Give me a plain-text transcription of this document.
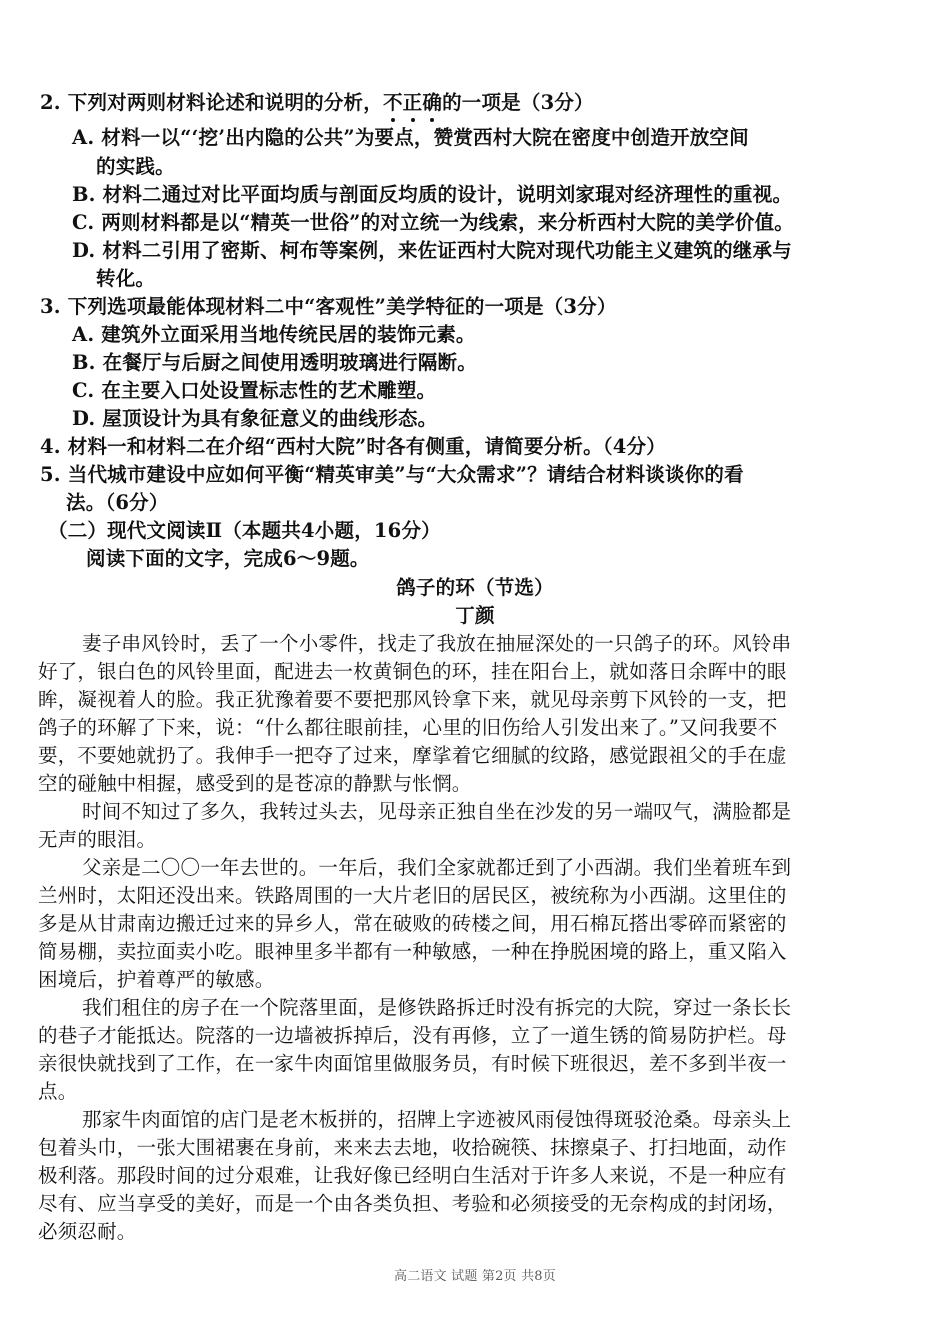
2. 下列对两则材料论述和说明的分析，不正确的一项是（3分）
A. 材料一以“‘挖’出内隐的公共”为要点，赞赏西村大院在密度中创造开放空间
的实践。
B. 材料二通过对比平面均质与剖面反均质的设计，说明刘家琨对经济理性的重视。
C. 两则材料都是以“精英一世俗”的对立统一为线索，来分析西村大院的美学价值。
D. 材料二引用了密斯、柯布等案例，来佐证西村大院对现代功能主义建筑的继承与
转化。
3. 下列选项最能体现材料二中“客观性”美学特征的一项是（3分）
A. 建筑外立面采用当地传统民居的装饰元素。
B. 在餐厅与后厨之间使用透明玻璃进行隔断。
C. 在主要入口处设置标志性的艺术雕塑。
D. 屋顶设计为具有象征意义的曲线形态。
4. 材料一和材料二在介绍“西村大院”时各有侧重，请简要分析。（4分）
5. 当代城市建设中应如何平衡“精英审美”与“大众需求”？请结合材料谈谈你的看
法。（6分）
（二）现代文阅读Ⅱ（本题共4小题，16分）
阅读下面的文字，完成6～9题。
鸽子的环（节选）
丁颜
妻子串风铃时，丢了一个小零件，找走了我放在抽屉深处的一只鸽子的环。风铃串
好了，银白色的风铃里面，配进去一枚黄铜色的环，挂在阳台上，就如落日余晖中的眼
眸，凝视着人的脸。我正犹豫着要不要把那风铃拿下来，就见母亲剪下风铃的一支，把
鸽子的环解了下来，说：“什么都往眼前挂，心里的旧伤给人引发出来了。”又问我要不
要，不要她就扔了。我伸手一把夺了过来，摩挲着它细腻的纹路，感觉跟祖父的手在虚
空的碰触中相握，感受到的是苍凉的静默与怅惘。
时间不知过了多久，我转过头去，见母亲正独自坐在沙发的另一端叹气，满脸都是
无声的眼泪。
父亲是二〇〇一年去世的。一年后，我们全家就都迁到了小西湖。我们坐着班车到
兰州时，太阳还没出来。铁路周围的一大片老旧的居民区，被统称为小西湖。这里住的
多是从甘肃南边搬迁过来的异乡人，常在破败的砖楼之间，用石棉瓦搭出零碎而紧密的
简易棚，卖拉面卖小吃。眼神里多半都有一种敏感，一种在挣脱困境的路上，重又陷入
困境后，护着尊严的敏感。
我们租住的房子在一个院落里面，是修铁路拆迁时没有拆完的大院，穿过一条长长
的巷子才能抵达。院落的一边墙被拆掉后，没有再修，立了一道生锈的简易防护栏。母
亲很快就找到了工作，在一家牛肉面馆里做服务员，有时候下班很迟，差不多到半夜一
点。
那家牛肉面馆的店门是老木板拼的，招牌上字迹被风雨侵蚀得斑驳沧桑。母亲头上
包着头巾，一张大围裙裹在身前，来来去去地，收拾碗筷、抹擦桌子、打扫地面，动作
极利落。那段时间的过分艰难，让我好像已经明白生活对于许多人来说，不是一种应有
尽有、应当享受的美好，而是一个由各类负担、考验和必须接受的无奈构成的封闭场，
必须忍耐。
高二语文 试题 第2页 共8页
